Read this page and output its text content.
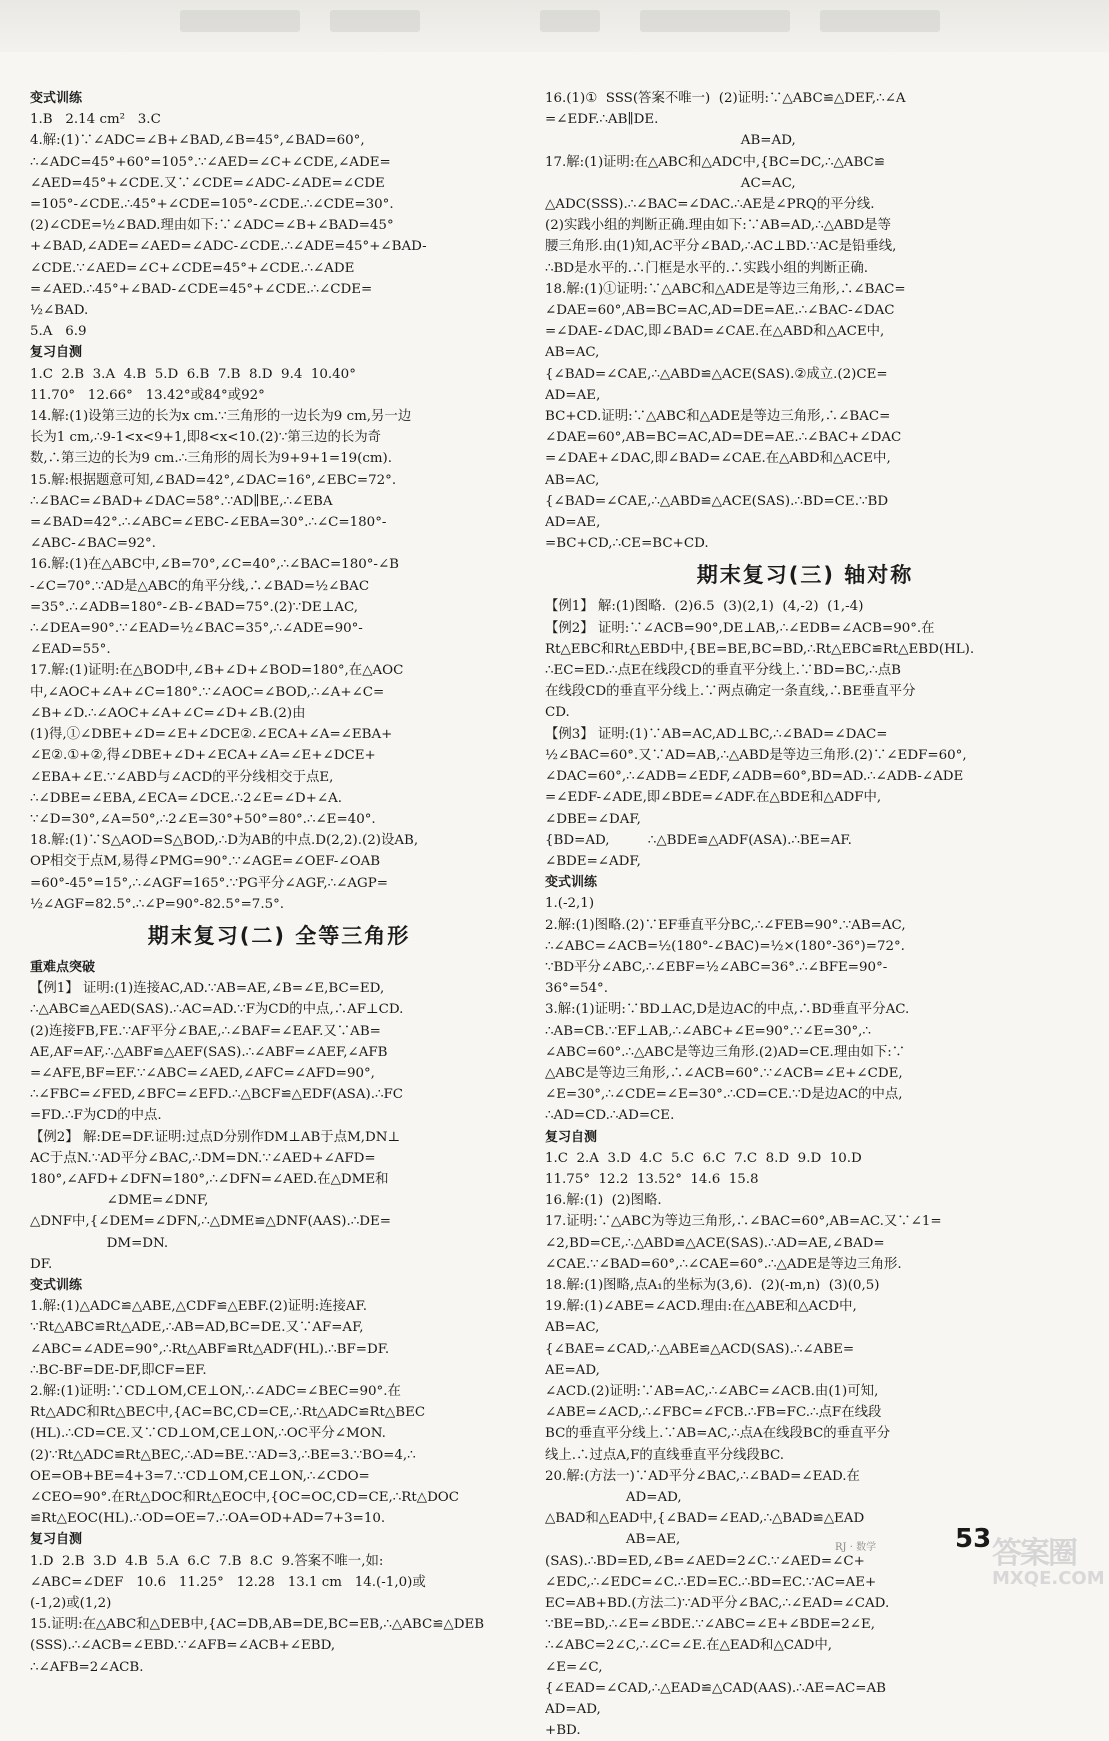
变式训练
1.B   2.14 cm²   3.C
4.解:(1)∵∠ADC=∠B+∠BAD,∠B=45°,∠BAD=60°,
∴∠ADC=45°+60°=105°.∵∠AED=∠C+∠CDE,∠ADE=
∠AED=45°+∠CDE.又∵∠CDE=∠ADC-∠ADE=∠CDE
=105°-∠CDE.∴45°+∠CDE=105°-∠CDE.∴∠CDE=30°.
(2)∠CDE=½∠BAD.理由如下:∵∠ADC=∠B+∠BAD=45°
+∠BAD,∠ADE=∠AED=∠ADC-∠CDE.∴∠ADE=45°+∠BAD-
∠CDE.∵∠AED=∠C+∠CDE=45°+∠CDE.∴∠ADE
=∠AED.∴45°+∠BAD-∠CDE=45°+∠CDE.∴∠CDE=
½∠BAD.
5.A   6.9
复习自测
1.C  2.B  3.A  4.B  5.D  6.B  7.B  8.D  9.4  10.40°
11.70°   12.66°   13.42°或84°或92°
14.解:(1)设第三边的长为x cm.∵三角形的一边长为9 cm,另一边
长为1 cm,∴9-1<x<9+1,即8<x<10.(2)∵第三边的长为奇
数,∴第三边的长为9 cm.∴三角形的周长为9+9+1=19(cm).
15.解:根据题意可知,∠BAD=42°,∠DAC=16°,∠EBC=72°.
∴∠BAC=∠BAD+∠DAC=58°.∵AD∥BE,∴∠EBA
=∠BAD=42°.∴∠ABC=∠EBC-∠EBA=30°.∴∠C=180°-
∠ABC-∠BAC=92°.
16.解:(1)在△ABC中,∠B=70°,∠C=40°,∴∠BAC=180°-∠B
-∠C=70°.∵AD是△ABC的角平分线,∴∠BAD=½∠BAC
=35°.∴∠ADB=180°-∠B-∠BAD=75°.(2)∵DE⊥AC,
∴∠DEA=90°.∵∠EAD=½∠BAC=35°,∴∠ADE=90°-
∠EAD=55°.
17.解:(1)证明:在△BOD中,∠B+∠D+∠BOD=180°,在△AOC
中,∠AOC+∠A+∠C=180°.∵∠AOC=∠BOD,∴∠A+∠C=
∠B+∠D.∴∠AOC+∠A+∠C=∠D+∠B.(2)由
(1)得,①∠DBE+∠D=∠E+∠DCE②.∠ECA+∠A=∠EBA+
∠E②.①+②,得∠DBE+∠D+∠ECA+∠A=∠E+∠DCE+
∠EBA+∠E.∵∠ABD与∠ACD的平分线相交于点E,
∴∠DBE=∠EBA,∠ECA=∠DCE.∴2∠E=∠D+∠A.
∵∠D=30°,∠A=50°,∴2∠E=30°+50°=80°.∴∠E=40°.
18.解:(1)∵S△AOD=S△BOD,∴D为AB的中点.D(2,2).(2)设AB,
OP相交于点M,易得∠PMG=90°.∵∠AGE=∠OEF-∠OAB
=60°-45°=15°,∴∠AGF=165°.∵PG平分∠AGF,∴∠AGP=
½∠AGF=82.5°.∴∠P=90°-82.5°=7.5°.
期末复习(二) 全等三角形
重难点突破
【例1】 证明:(1)连接AC,AD.∵AB=AE,∠B=∠E,BC=ED,
∴△ABC≌△AED(SAS).∴AC=AD.∵F为CD的中点,∴AF⊥CD.
(2)连接FB,FE.∵AF平分∠BAE,∴∠BAF=∠EAF.又∵AB=
AE,AF=AF,∴△ABF≌△AEF(SAS).∴∠ABF=∠AEF,∠AFB
=∠AFE,BF=EF.∵∠ABC=∠AED,∠AFC=∠AFD=90°,
∴∠FBC=∠FED,∠BFC=∠EFD.∴△BCF≌△EDF(ASA).∴FC
=FD.∴F为CD的中点.
【例2】 解:DE=DF.证明:过点D分别作DM⊥AB于点M,DN⊥
AC于点N.∵AD平分∠BAC,∴DM=DN.∵∠AED+∠AFD=
180°,∠AFD+∠DFN=180°,∴∠DFN=∠AED.在△DME和
∠DME=∠DNF,
△DNF中,{∠DEM=∠DFN,∴△DME≌△DNF(AAS).∴DE=
DM=DN.
DF.
变式训练
1.解:(1)△ADC≌△ABE,△CDF≌△EBF.(2)证明:连接AF.
∵Rt△ABC≌Rt△ADE,∴AB=AD,BC=DE.又∵AF=AF,
∠ABC=∠ADE=90°,∴Rt△ABF≌Rt△ADF(HL).∴BF=DF.
∴BC-BF=DE-DF,即CF=EF.
2.解:(1)证明:∵CD⊥OM,CE⊥ON,∴∠ADC=∠BEC=90°.在
Rt△ADC和Rt△BEC中,{AC=BC,CD=CE,∴Rt△ADC≌Rt△BEC
(HL).∴CD=CE.又∵CD⊥OM,CE⊥ON,∴OC平分∠MON.
(2)∵Rt△ADC≌Rt△BEC,∴AD=BE.∵AD=3,∴BE=3.∵BO=4,∴
OE=OB+BE=4+3=7.∵CD⊥OM,CE⊥ON,∴∠CDO=
∠CEO=90°.在Rt△DOC和Rt△EOC中,{OC=OC,CD=CE,∴Rt△DOC
≌Rt△EOC(HL).∴OD=OE=7.∴OA=OD+AD=7+3=10.
复习自测
1.D  2.B  3.D  4.B  5.A  6.C  7.B  8.C  9.答案不唯一,如:
∠ABC=∠DEF   10.6   11.25°   12.28   13.1 cm   14.(-1,0)或
(-1,2)或(1,2)
15.证明:在△ABC和△DEB中,{AC=DB,AB=DE,BC=EB,∴△ABC≌△DEB
(SSS).∴∠ACB=∠EBD.∵∠AFB=∠ACB+∠EBD,
∴∠AFB=2∠ACB.
16.(1)①  SSS(答案不唯一)  (2)证明:∵△ABC≌△DEF,∴∠A
=∠EDF.∴AB∥DE.
AB=AD,
17.解:(1)证明:在△ABC和△ADC中,{BC=DC,∴△ABC≌
AC=AC,
△ADC(SSS).∴∠BAC=∠DAC.∴AE是∠PRQ的平分线.
(2)实践小组的判断正确.理由如下:∵AB=AD,∴△ABD是等
腰三角形.由(1)知,AC平分∠BAD,∴AC⊥BD.∵AC是铅垂线,
∴BD是水平的.∴门框是水平的.∴实践小组的判断正确.
18.解:(1)①证明:∵△ABC和△ADE是等边三角形,∴∠BAC=
∠DAE=60°,AB=BC=AC,AD=DE=AE.∴∠BAC-∠DAC
=∠DAE-∠DAC,即∠BAD=∠CAE.在△ABD和△ACE中,
AB=AC,
{∠BAD=∠CAE,∴△ABD≌△ACE(SAS).②成立.(2)CE=
AD=AE,
BC+CD.证明:∵△ABC和△ADE是等边三角形,∴∠BAC=
∠DAE=60°,AB=BC=AC,AD=DE=AE.∴∠BAC+∠DAC
=∠DAE+∠DAC,即∠BAD=∠CAE.在△ABD和△ACE中,
AB=AC,
{∠BAD=∠CAE,∴△ABD≌△ACE(SAS).∴BD=CE.∵BD
AD=AE,
=BC+CD,∴CE=BC+CD.
期末复习(三) 轴对称
【例1】 解:(1)图略.  (2)6.5  (3)(2,1)  (4,-2)  (1,-4)
【例2】 证明:∵∠ACB=90°,DE⊥AB,∴∠EDB=∠ACB=90°.在
Rt△EBC和Rt△EBD中,{BE=BE,BC=BD,∴Rt△EBC≌Rt△EBD(HL).
∴EC=ED.∴点E在线段CD的垂直平分线上.∵BD=BC,∴点B
在线段CD的垂直平分线上.∵两点确定一条直线,∴BE垂直平分
CD.
【例3】 证明:(1)∵AB=AC,AD⊥BC,∴∠BAD=∠DAC=
½∠BAC=60°.又∵AD=AB,∴△ABD是等边三角形.(2)∵∠EDF=60°,
∠DAC=60°,∴∠ADB=∠EDF,∠ADB=60°,BD=AD.∴∠ADB-∠ADE
=∠EDF-∠ADE,即∠BDE=∠ADF.在△BDE和△ADF中,
∠DBE=∠DAF,
{BD=AD,         ∴△BDE≌△ADF(ASA).∴BE=AF.
∠BDE=∠ADF,
变式训练
1.(-2,1)
2.解:(1)图略.(2)∵EF垂直平分BC,∴∠FEB=90°.∵AB=AC,
∴∠ABC=∠ACB=½(180°-∠BAC)=½×(180°-36°)=72°.
∵BD平分∠ABC,∴∠EBF=½∠ABC=36°.∴∠BFE=90°-
36°=54°.
3.解:(1)证明:∵BD⊥AC,D是边AC的中点,∴BD垂直平分AC.
∴AB=CB.∵EF⊥AB,∴∠ABC+∠E=90°.∵∠E=30°,∴
∠ABC=60°.∴△ABC是等边三角形.(2)AD=CE.理由如下:∵
△ABC是等边三角形,∴∠ACB=60°.∵∠ACB=∠E+∠CDE,
∠E=30°,∴∠CDE=∠E=30°.∴CD=CE.∵D是边AC的中点,
∴AD=CD.∴AD=CE.
复习自测
1.C  2.A  3.D  4.C  5.C  6.C  7.C  8.D  9.D  10.D
11.75°  12.2  13.52°  14.6  15.8
16.解:(1)  (2)图略.
17.证明:∵△ABC为等边三角形,∴∠BAC=60°,AB=AC.又∵∠1=
∠2,BD=CE,∴△ABD≌△ACE(SAS).∴AD=AE,∠BAD=
∠CAE.∵∠BAD=60°,∴∠CAE=60°.∴△ADE是等边三角形.
18.解:(1)图略,点A₁的坐标为(3,6).  (2)(-m,n)  (3)(0,5)
19.解:(1)∠ABE=∠ACD.理由:在△ABE和△ACD中,
AB=AC,
{∠BAE=∠CAD,∴△ABE≌△ACD(SAS).∴∠ABE=
AE=AD,
∠ACD.(2)证明:∵AB=AC,∴∠ABC=∠ACB.由(1)可知,
∠ABE=∠ACD,∴∠FBC=∠FCB.∴FB=FC.∴点F在线段
BC的垂直平分线上.∵AB=AC,∴点A在线段BC的垂直平分
线上.∴过点A,F的直线垂直平分线段BC.
20.解:(方法一)∵AD平分∠BAC,∴∠BAD=∠EAD.在
AD=AD,
△BAD和△EAD中,{∠BAD=∠EAD,∴△BAD≌△EAD
AB=AE,
(SAS).∴BD=ED,∠B=∠AED=2∠C.∵∠AED=∠C+
∠EDC,∴∠EDC=∠C.∴ED=EC.∴BD=EC.∵AC=AE+
EC=AB+BD.(方法二)∵AD平分∠BAC,∴∠EAD=∠CAD.
∵BE=BD,∴∠E=∠BDE.∵∠ABC=∠E+∠BDE=2∠E,
∴∠ABC=2∠C,∴∠C=∠E.在△EAD和△CAD中,
∠E=∠C,
{∠EAD=∠CAD,∴△EAD≌△CAD(AAS).∴AE=AC=AB
AD=AD,
+BD.
RJ · 数学	53 答案圈
MXQE.COM
